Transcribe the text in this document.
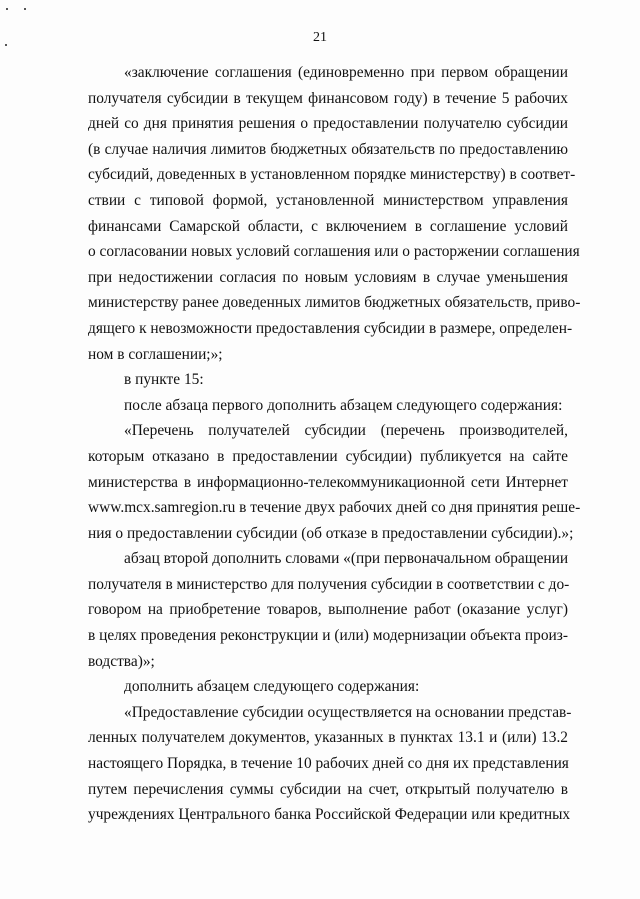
21
«заключение соглашения (единовременно при первом обращении
получателя субсидии в текущем финансовом году) в течение 5 рабочих
дней со дня принятия решения о предоставлении получателю субсидии
(в случае наличия лимитов бюджетных обязательств по предоставлению
субсидий, доведенных в установленном порядке министерству) в соответ-
ствии с типовой формой, установленной министерством управления
финансами Самарской области, с включением в соглашение условий
о согласовании новых условий соглашения или о расторжении соглашения
при недостижении согласия по новым условиям в случае уменьшения
министерству ранее доведенных лимитов бюджетных обязательств, приво-
дящего к невозможности предоставления субсидии в размере, определен-
ном в соглашении;»;
в пункте 15:
после абзаца первого дополнить абзацем следующего содержания:
«Перечень получателей субсидии (перечень производителей,
которым отказано в предоставлении субсидии) публикуется на сайте
министерства в информационно-телекоммуникационной сети Интернет
www.mcx.samregion.ru в течение двух рабочих дней со дня принятия реше-
ния о предоставлении субсидии (об отказе в предоставлении субсидии).»;
абзац второй дополнить словами «(при первоначальном обращении
получателя в министерство для получения субсидии в соответствии с до-
говором на приобретение товаров, выполнение работ (оказание услуг)
в целях проведения реконструкции и (или) модернизации объекта произ-
водства)»;
дополнить абзацем следующего содержания:
«Предоставление субсидии осуществляется на основании представ-
ленных получателем документов, указанных в пунктах 13.1 и (или) 13.2
настоящего Порядка, в течение 10 рабочих дней со дня их представления
путем перечисления суммы субсидии на счет, открытый получателю в
учреждениях Центрального банка Российской Федерации или кредитных
